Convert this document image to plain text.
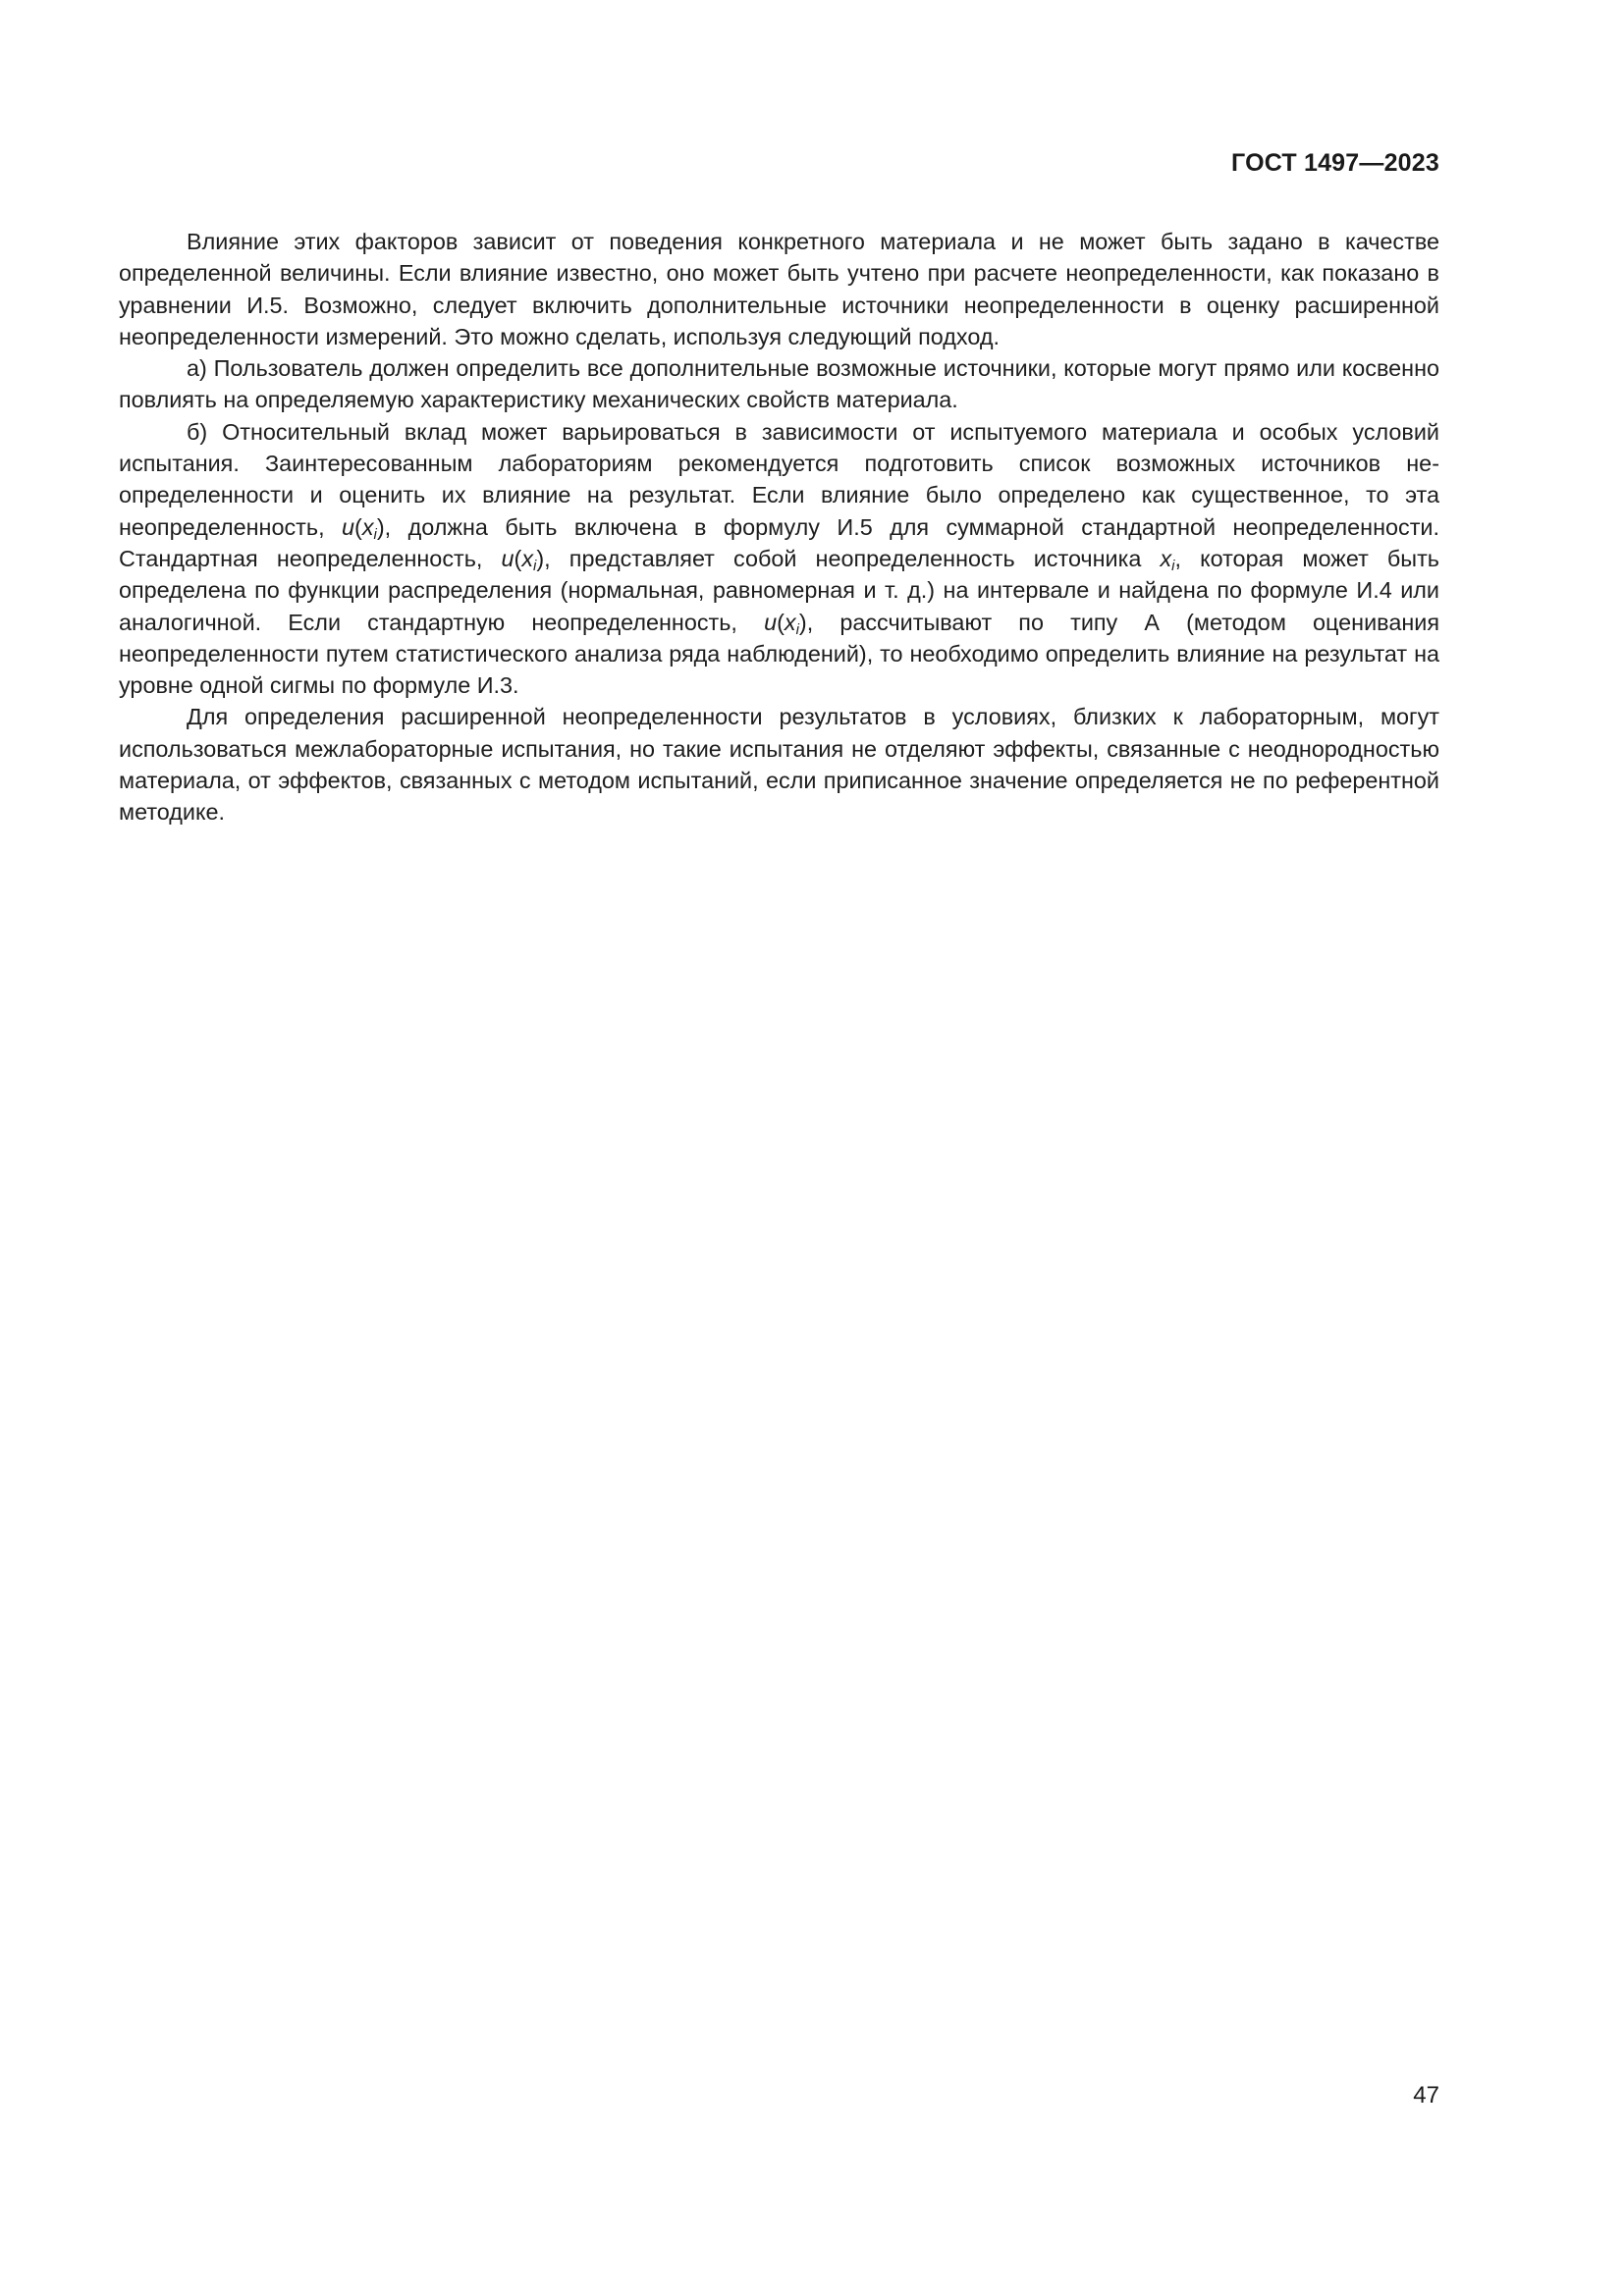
ГОСТ 1497—2023

Влияние этих факторов зависит от поведения конкретного материала и не может быть задано в качестве определенной величины. Если влияние известно, оно может быть учтено при расчете неопределенности, как показано в уравнении И.5. Возможно, следует включить дополнительные источники неопределенности в оценку расширенной неопределенности измерений. Это можно сделать, используя следующий подход.

а) Пользователь должен определить все дополнительные возможные источники, которые могут прямо или косвенно повлиять на определяемую характеристику механических свойств материала.

б) Относительный вклад может варьироваться в зависимости от испытуемого материала и особых условий испытания. Заинтересованным лабораториям рекомендуется подготовить список возможных источников неопределенности и оценить их влияние на результат. Если влияние было определено как существенное, то эта неопределенность, $u(x_i)$, должна быть включена в формулу И.5 для суммарной стандартной неопределенности. Стандартная неопределенность, $u(x_i)$, представляет собой неопределенность источника $x_i$, которая может быть определена по функции распределения (нормальная, равномерная и т. д.) на интервале и найдена по формуле И.4 или аналогичной. Если стандартную неопределенность, $u(x_i)$, рассчитывают по типу А (методом оценивания неопределенности путем статистического анализа ряда наблюдений), то необходимо определить влияние на результат на уровне одной сигмы по формуле И.3.

Для определения расширенной неопределенности результатов в условиях, близких к лабораторным, могут использоваться межлабораторные испытания, но такие испытания не отделяют эффекты, связанные с неоднородностью материала, от эффектов, связанных с методом испытаний, если приписанное значение определяется не по референтной методике.

47
